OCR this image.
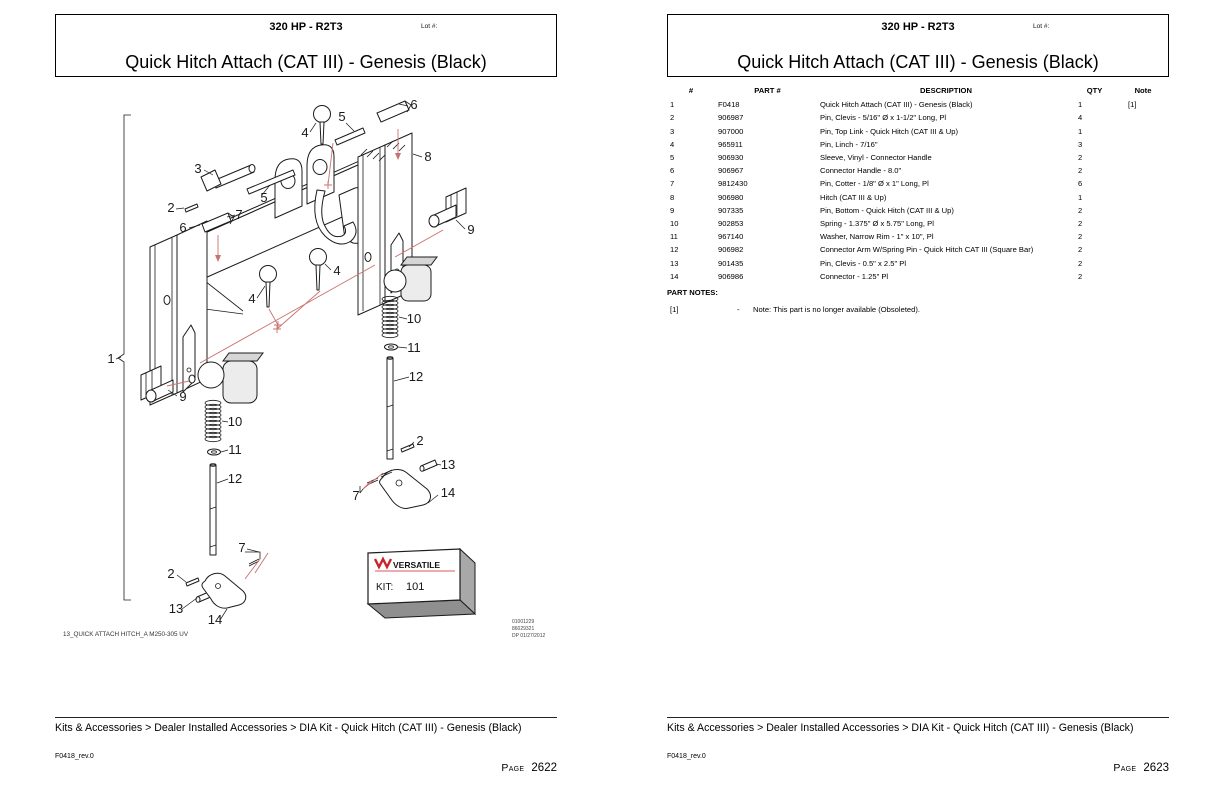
320 HP - R2T3	Lot #:
Quick Hitch Attach (CAT III) - Genesis (Black)
VERSATILE
KIT: 101
01001229
86029321
DP 01/27/2012
13_QUICK ATTACH HITCH_A M250-305 UV
5
6
4
8
3
5
2	7
6	9
4
4
10
11
12
1
9
10
11
12
2
13
7	14
7
2
13
14
Kits & Accessories > Dealer Installed Accessories > DIA Kit - Quick Hitch (CAT III) - Genesis (Black)
F0418_rev.0
Page 2622
320 HP - R2T3	Lot #:
Quick Hitch Attach (CAT III) - Genesis (Black)
#	PART #	DESCRIPTION	QTY	Note
1	F0418	Quick Hitch Attach (CAT III) - Genesis (Black)	1	[1]
2	906987	Pin, Clevis - 5/16" Ø x 1-1/2" Long, Pl	4
3	907000	Pin, Top Link - Quick Hitch (CAT III & Up)	1
4	965911	Pin, Linch - 7/16"	3
5	906930	Sleeve, Vinyl - Connector Handle	2
6	906967	Connector Handle - 8.0"	2
7	9812430	Pin, Cotter - 1/8" Ø x 1" Long, Pl	6
8	906980	Hitch (CAT III & Up)	1
9	907335	Pin, Bottom - Quick Hitch (CAT III & Up)	2
10	902853	Spring - 1.375" Ø x 5.75" Long, Pl	2
11	967140	Washer, Narrow Rim - 1" x 10", Pl	2
12	906982	Connector Arm W/Spring Pin - Quick Hitch CAT III (Square Bar)	2
13	901435	Pin, Clevis - 0.5" x 2.5" Pl	2
14	906986	Connector - 1.25" Pl	2
PART NOTES:
[1]	-	Note: This part is no longer available (Obsoleted).
Kits & Accessories > Dealer Installed Accessories > DIA Kit - Quick Hitch (CAT III) - Genesis (Black)
F0418_rev.0
Page 2623
